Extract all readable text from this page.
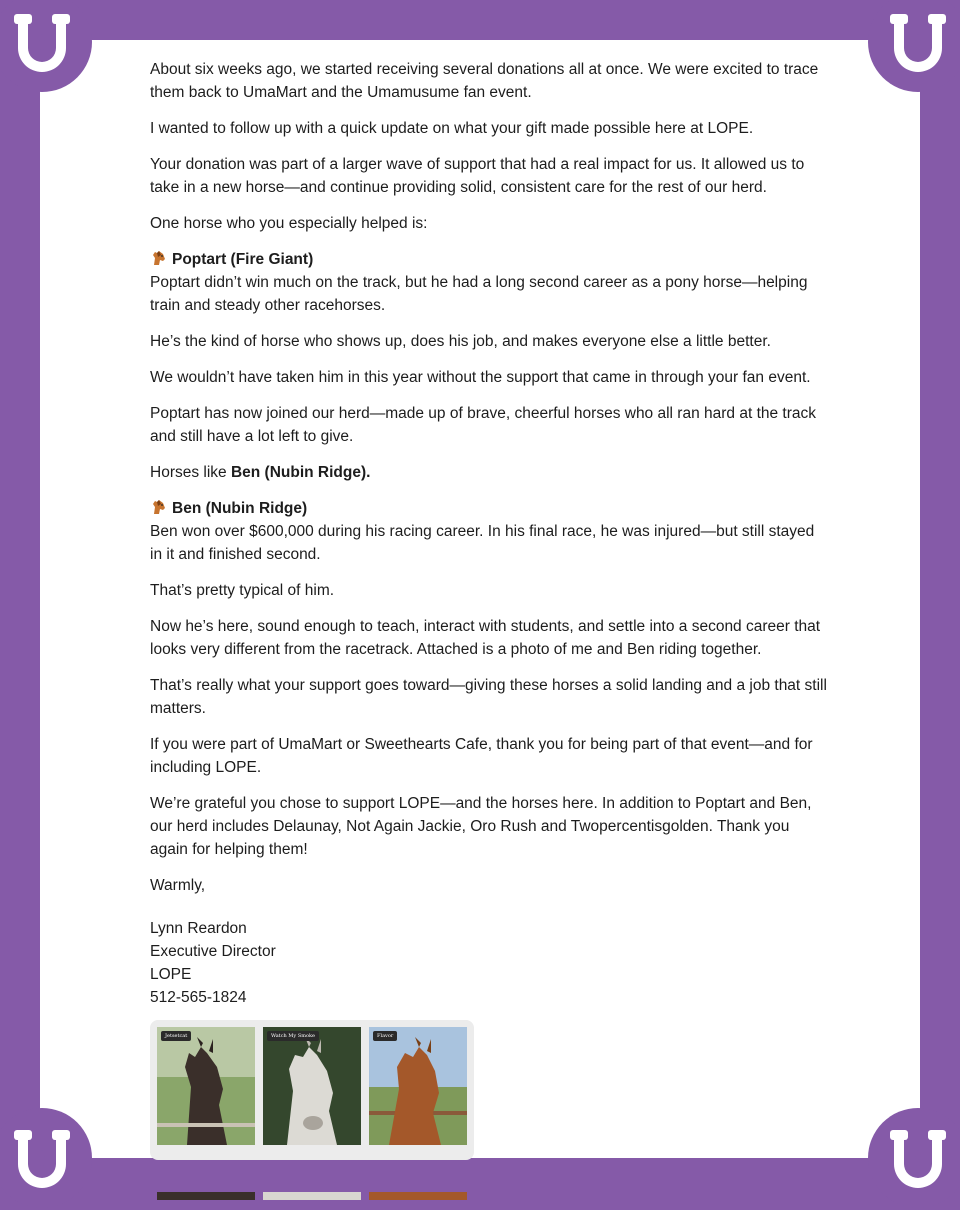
About six weeks ago, we started receiving several donations all at once. We were excited to trace them back to UmaMart and the Umamusume fan event.

I wanted to follow up with a quick update on what your gift made possible here at LOPE.

Your donation was part of a larger wave of support that had a real impact for us. It allowed us to take in a new horse—and continue providing solid, consistent care for the rest of our herd.

One horse who you especially helped is:

Poptart (Fire Giant)

Poptart didn’t win much on the track, but he had a long second career as a pony horse—helping train and steady other racehorses.

He’s the kind of horse who shows up, does his job, and makes everyone else a little better.

We wouldn’t have taken him in this year without the support that came in through your fan event.

Poptart has now joined our herd—made up of brave, cheerful horses who all ran hard at the track and still have a lot left to give.

Horses like Ben (Nubin Ridge).

Ben (Nubin Ridge)

Ben won over $600,000 during his racing career. In his final race, he was injured—but still stayed in it and finished second.

That’s pretty typical of him.

Now he’s here, sound enough to teach, interact with students, and settle into a second career that looks very different from the racetrack. Attached is a photo of me and Ben riding together.

That’s really what your support goes toward—giving these horses a solid landing and a job that still matters.

If you were part of UmaMart or Sweethearts Cafe, thank you for being part of that event—and for including LOPE.

We’re grateful you chose to support LOPE—and the horses here. In addition to Poptart and Ben, our herd includes Delaunay, Not Again Jackie, Oro Rush and Twopercentisgolden. Thank you again for helping them!

Warmly,

Lynn Reardon
Executive Director
LOPE
512-565-1824
Jetsetcat	Watch My Smoke	Flavor
